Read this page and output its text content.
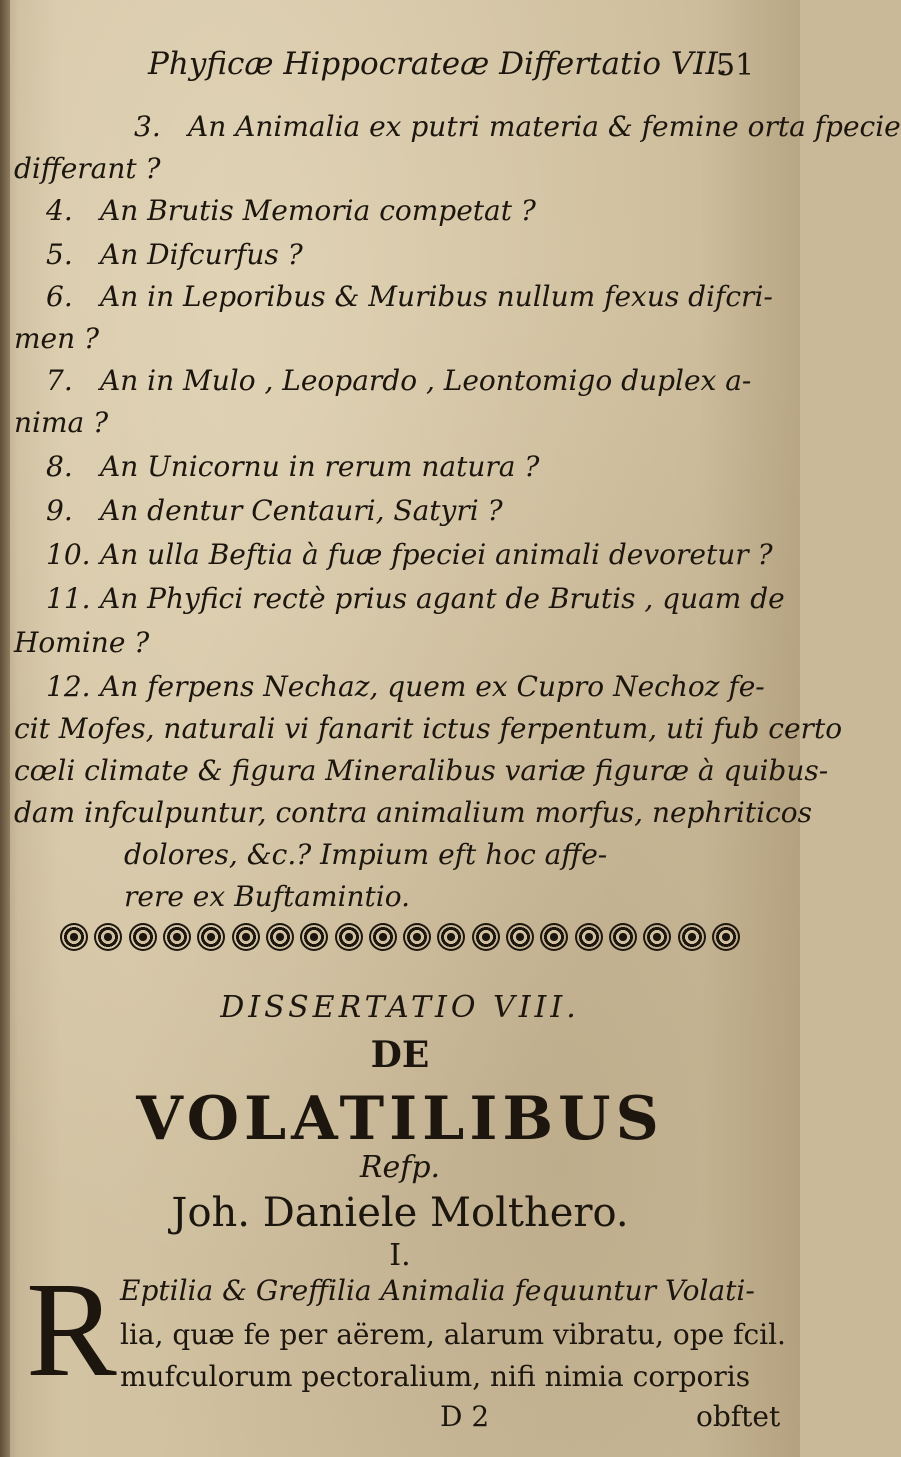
Phyficæ Hippocrateæ Differtatio VII.
51
3. An Animalia ex putri materia & femine orta fpecie
differant ?
4. An Brutis Memoria competat ?
5. An Difcurfus ?
6. An in Leporibus & Muribus nullum fexus difcri-
men ?
7. An in Mulo , Leopardo , Leontomigo duplex a-
nima ?
8. An Unicornu in rerum natura ?
9. An dentur Centauri, Satyri ?
10. An ulla Beftia à fuæ fpeciei animali devoretur ?
11. An Phyfici rectè prius agant de Brutis , quam de
Homine ?
12. An ferpens Nechaz, quem ex Cupro Nechoz fe-
cit Mofes, naturali vi fanarit ictus ferpentum, uti fub certo
cœli climate & figura Mineralibus variæ figuræ à quibus-
dam infculpuntur, contra animalium morfus, nephriticos
dolores, &c.? Impium eft hoc affe-
rere ex Buftamintio.
DISSERTATIO VIII.
DE
VOLATILIBUS
Refp.
Joh. Daniele Molthero.
I.
R Eptilia & Greffilia Animalia fequuntur Volati-
lia, quæ fe per aërem, alarum vibratu, ope fcil.
mufculorum pectoralium, nifi nimia corporis
D 2	obftet
